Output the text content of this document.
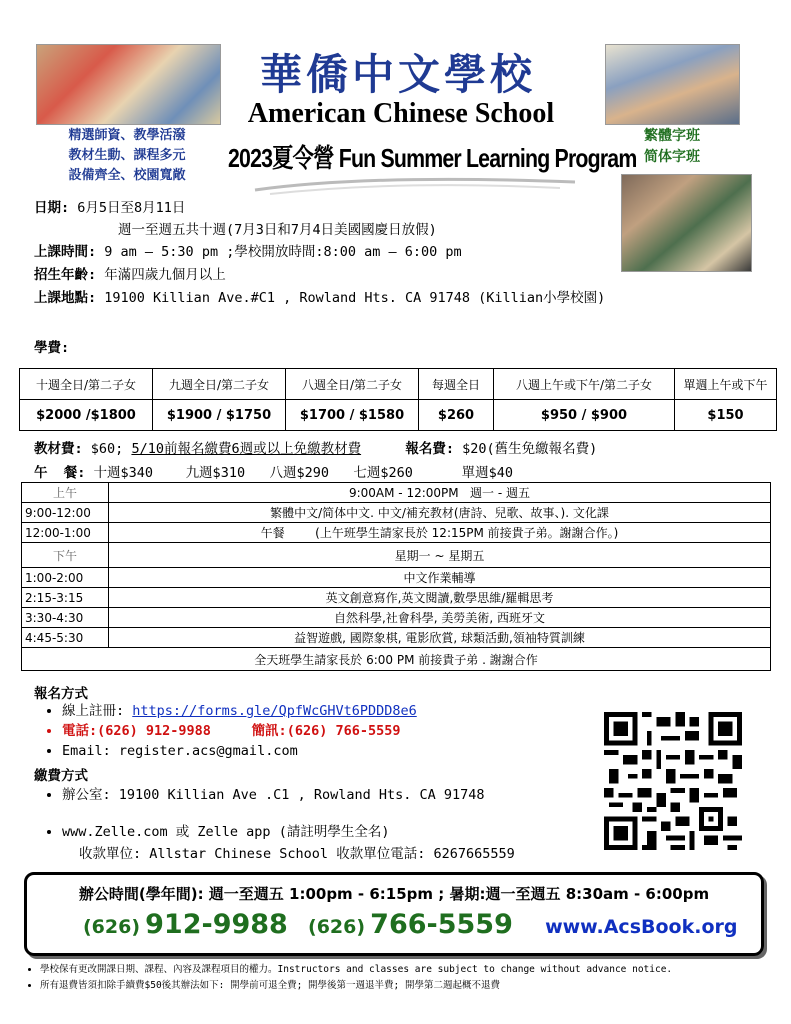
精選師資、教學活潑
教材生動、課程多元
設備齊全、校園寬敞
華僑中文學校
American Chinese School
2023夏令營 Fun Summer Learning Program
繁體字班
简体字班
日期: 6月5日至8月11日
週一至週五共十週(7月3日和7月4日美國國慶日放假)
上課時間: 9 am — 5:30 pm ;學校開放時間:8:00 am — 6:00 pm
招生年齡: 年滿四歲九個月以上
上課地點: 19100 Killian Ave.#C1 , Rowland Hts. CA 91748 (Killian小學校園)
學費:
十週全日/第二子女	九週全日/第二子女	八週全日/第二子女	每週全日	八週上午或下午/第二子女	單週上午或下午
$2000 /$1800	$1900 / $1750	$1700 / $1580	$260	$950 / $900	$150
教材費: $60; 5/10前報名繳費6週或以上免繳教材費	報名費: $20(舊生免繳報名費)
午  餐: 十週$340 九週$310 八週$290 七週$260	單週$40
上午	9:00AM - 12:00PM   週一 - 週五
9:00-12:00	繁體中文/简体中文. 中文/補充教材(唐詩、兒歌、故事、). 文化課
12:00-1:00	午餐        (上午班學生請家長於 12:15PM 前接貴子弟。謝謝合作。)
下午	星期一 ~ 星期五
1:00-2:00	中文作業輔導
2:15-3:15	英文創意寫作,英文閱讀,數學思維/羅輯思考
3:30-4:30	自然科學,社會科學, 美勞美術, 西班牙文
4:45-5:30	益智遊戲, 國際象棋, 電影欣賞, 球類活動,領袖特質訓練
全天班學生請家長於 6:00 PM 前接貴子弟 . 謝謝合作	
報名方式
• 線上註冊: https://forms.gle/QpfWcGHVt6PDDD8e6
• 電話:(626) 912-9988	簡訊:(626) 766-5559
• Email: register.acs@gmail.com
繳費方式
• 辦公室: 19100 Killian Ave .C1 , Rowland Hts. CA 91748
• www.Zelle.com 或 Zelle app (請註明學生全名)
收款單位: Allstar Chinese School 收款單位電話: 6267665559
辦公時間(學年間): 週一至週五 1:00pm - 6:15pm ; 暑期:週一至週五 8:30am - 6:00pm
(626) 912-9988 (626) 766-5559 www.AcsBook.org
• 學校保有更改開課日期、課程、內容及課程項目的權力。Instructors and classes are subject to change without advance notice.
• 所有退費皆須扣除手續費$50後其辦法如下: 開學前可退全費; 開學後第一週退半費; 開學第二週起概不退費
